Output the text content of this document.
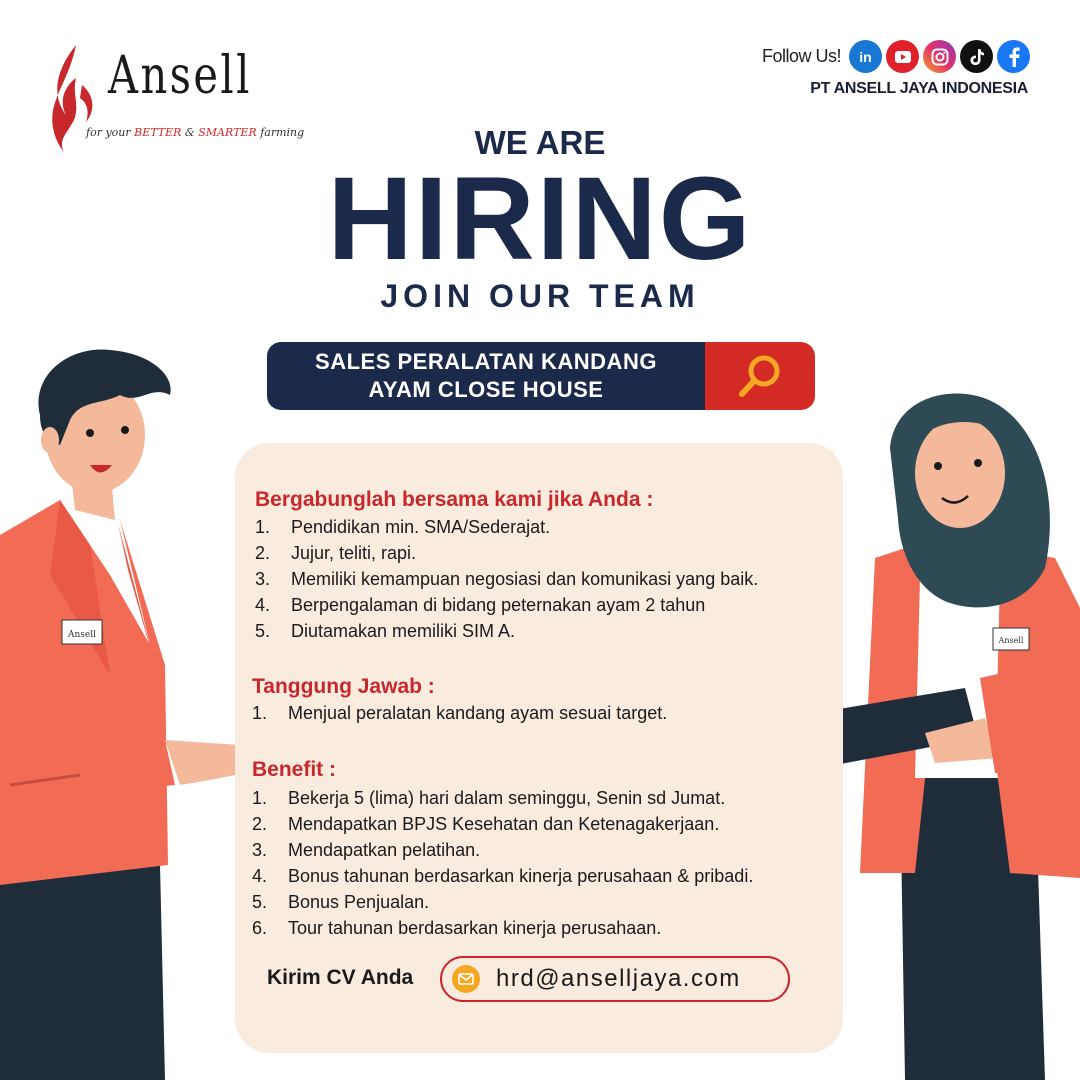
Ansell
for your BETTER & SMARTER farming
Follow Us!	in
PT ANSELL JAYA INDONESIA
WE ARE
HIRING
JOIN OUR TEAM
SALES PERALATAN KANDANG
AYAM CLOSE HOUSE
Ansell
Ansell
Bergabunglah bersama kami jika Anda :
1.	Pendidikan min. SMA/Sederajat.
2.	Jujur, teliti, rapi.
3.	Memiliki kemampuan negosiasi dan komunikasi yang baik.
4.	Berpengalaman di bidang peternakan ayam 2 tahun
5.	Diutamakan memiliki SIM A.
Tanggung Jawab :
1.	Menjual peralatan kandang ayam sesuai target.
Benefit :
1.	Bekerja 5 (lima) hari dalam seminggu, Senin sd Jumat.
2.	Mendapatkan BPJS Kesehatan dan Ketenagakerjaan.
3.	Mendapatkan pelatihan.
4.	Bonus tahunan berdasarkan kinerja perusahaan & pribadi.
5.	Bonus Penjualan.
6.	Tour tahunan berdasarkan kinerja perusahaan.
Kirim CV Anda	hrd@anselljaya.com
